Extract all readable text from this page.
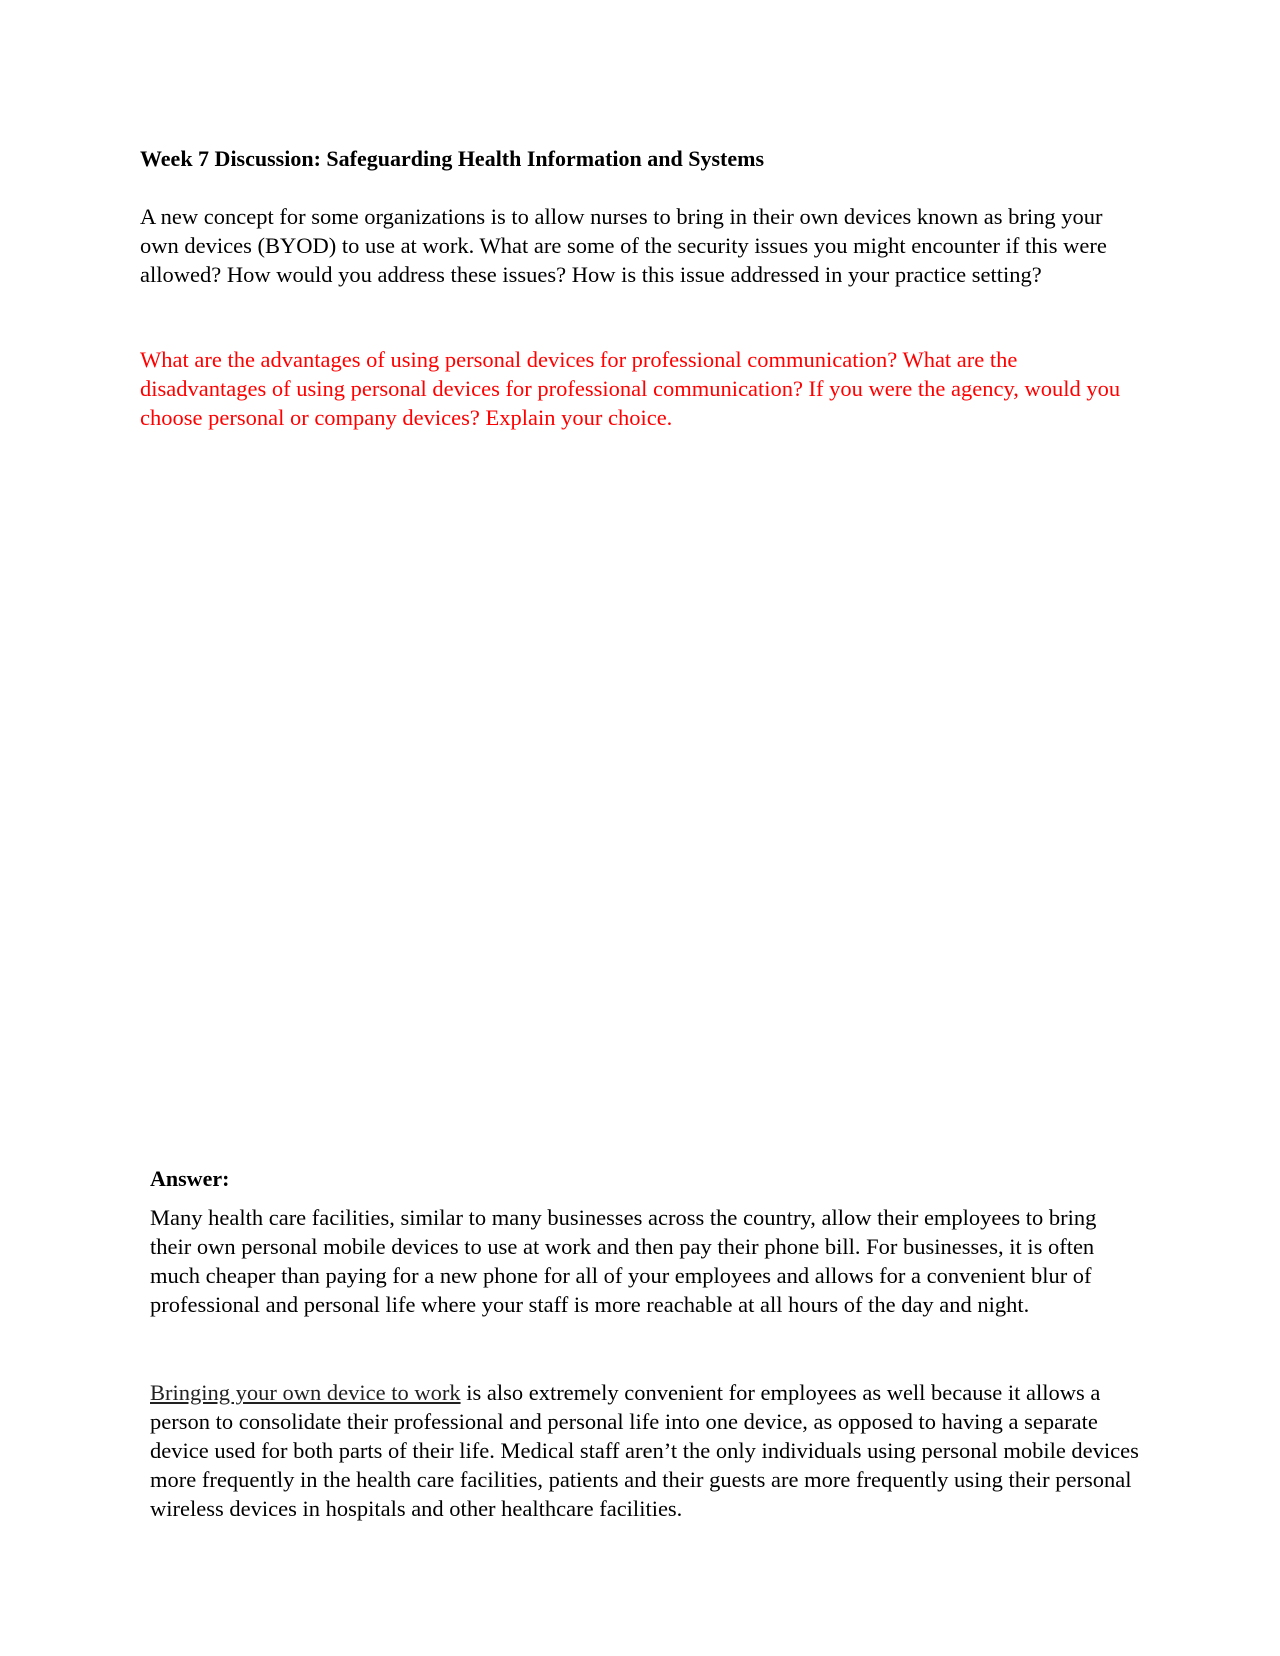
Week 7 Discussion: Safeguarding Health Information and Systems

A new concept for some organizations is to allow nurses to bring in their own devices known as bring your own devices (BYOD) to use at work. What are some of the security issues you might encounter if this were allowed? How would you address these issues? How is this issue addressed in your practice setting?

What are the advantages of using personal devices for professional communication? What are the disadvantages of using personal devices for professional communication? If you were the agency, would you choose personal or company devices? Explain your choice.

Answer:

Many health care facilities, similar to many businesses across the country, allow their employees to bring their own personal mobile devices to use at work and then pay their phone bill. For businesses, it is often much cheaper than paying for a new phone for all of your employees and allows for a convenient blur of professional and personal life where your staff is more reachable at all hours of the day and night.

Bringing your own device to work is also extremely convenient for employees as well because it allows a person to consolidate their professional and personal life into one device, as opposed to having a separate device used for both parts of their life. Medical staff aren’t the only individuals using personal mobile devices more frequently in the health care facilities, patients and their guests are more frequently using their personal wireless devices in hospitals and other healthcare facilities.
